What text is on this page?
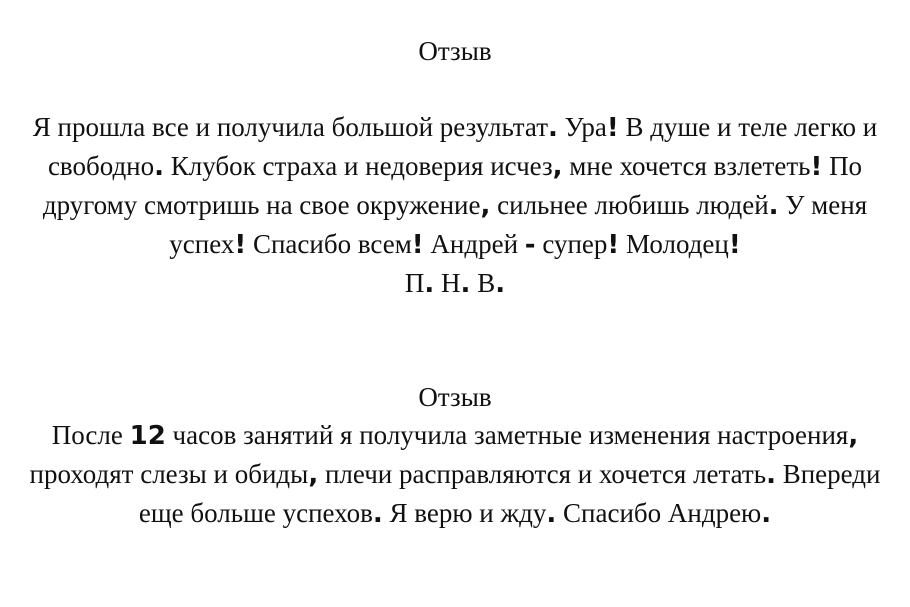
Отзыв
Я прошла все и получила большой результат. Ура! В душе и теле легко и свободно. Клубок страха и недоверия исчез, мне хочется взлететь! По другому смотришь на свое окружение, сильнее любишь людей. У меня успех! Спасибо всем! Андрей - супер! Молодец!
П. Н. В.
Отзыв
После 12 часов занятий я получила заметные изменения настроения, проходят слезы и обиды, плечи расправляются и хочется летать. Впереди еще больше успехов. Я верю и жду. Спасибо Андрею.
